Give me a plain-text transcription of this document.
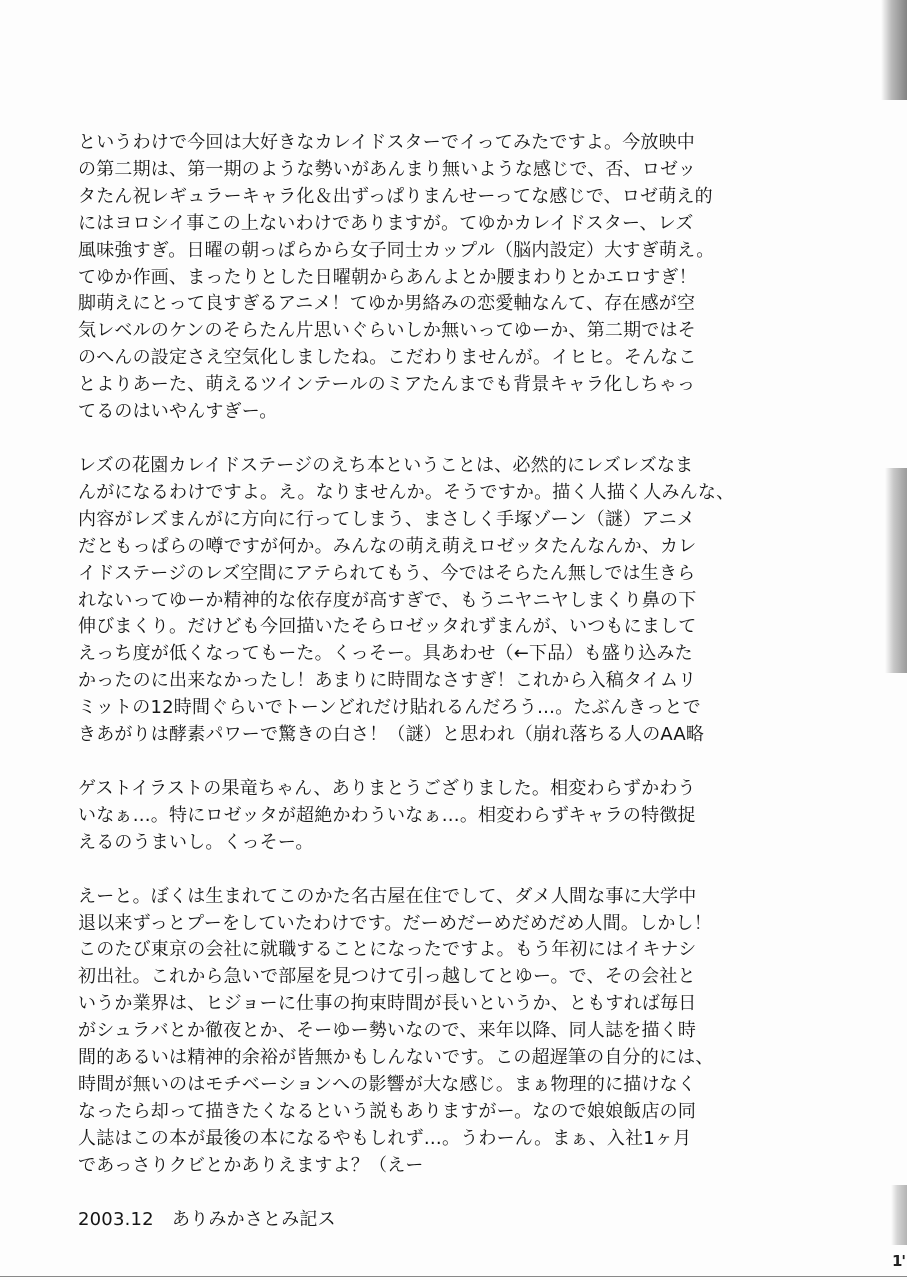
というわけで今回は大好きなカレイドスターでイってみたですよ。今放映中
の第二期は、第一期のような勢いがあんまり無いような感じで、否、ロゼッ
タたん祝レギュラーキャラ化＆出ずっぱりまんせーってな感じで、ロゼ萌え的
にはヨロシイ事この上ないわけでありますが。てゆかカレイドスター、レズ
風味強すぎ。日曜の朝っぱらから女子同士カップル（脳内設定）大すぎ萌え。
てゆか作画、まったりとした日曜朝からあんよとか腰まわりとかエロすぎ！
脚萌えにとって良すぎるアニメ！てゆか男絡みの恋愛軸なんて、存在感が空
気レベルのケンのそらたん片思いぐらいしか無いってゆーか、第二期ではそ
のへんの設定さえ空気化しましたね。こだわりませんが。イヒヒ。そんなこ
とよりあーた、萌えるツインテールのミアたんまでも背景キャラ化しちゃっ
てるのはいやんすぎー。

レズの花園カレイドステージのえち本ということは、必然的にレズレズなま
んがになるわけですよ。え。なりませんか。そうですか。描く人描く人みんな、
内容がレズまんがに方向に行ってしまう、まさしく手塚ゾーン（謎）アニメ
だともっぱらの噂ですが何か。みんなの萌え萌えロゼッタたんなんか、カレ
イドステージのレズ空間にアテられてもう、今ではそらたん無しでは生きら
れないってゆーか精神的な依存度が高すぎで、もうニヤニヤしまくり鼻の下
伸びまくり。だけども今回描いたそらロゼッタれずまんが、いつもにまして
えっち度が低くなってもーた。くっそー。具あわせ（←下品）も盛り込みた
かったのに出来なかったし！あまりに時間なさすぎ！これから入稿タイムリ
ミットの12時間ぐらいでトーンどれだけ貼れるんだろう…。たぶんきっとで
きあがりは酵素パワーで驚きの白さ！（謎）と思われ（崩れ落ちる人のAA略

ゲストイラストの果竜ちゃん、ありまとうござりました。相変わらずかわう
いなぁ…。特にロゼッタが超絶かわういなぁ…。相変わらずキャラの特徴捉
えるのうまいし。くっそー。

えーと。ぼくは生まれてこのかた名古屋在住でして、ダメ人間な事に大学中
退以来ずっとプーをしていたわけです。だーめだーめだめだめ人間。しかし！
このたび東京の会社に就職することになったですよ。もう年初にはイキナシ
初出社。これから急いで部屋を見つけて引っ越してとゆー。で、その会社と
いうか業界は、ヒジョーに仕事の拘束時間が長いというか、ともすれば毎日
がシュラバとか徹夜とか、そーゆー勢いなので、来年以降、同人誌を描く時
間的あるいは精神的余裕が皆無かもしんないです。この超遅筆の自分的には、
時間が無いのはモチベーションへの影響が大な感じ。まぁ物理的に描けなく
なったら却って描きたくなるという説もありますがー。なので娘娘飯店の同
人誌はこの本が最後の本になるやもしれず…。うわーん。まぁ、入社1ヶ月
であっさりクビとかありえますよ？（えー

2003.12　ありみかさとみ記ス
1'
